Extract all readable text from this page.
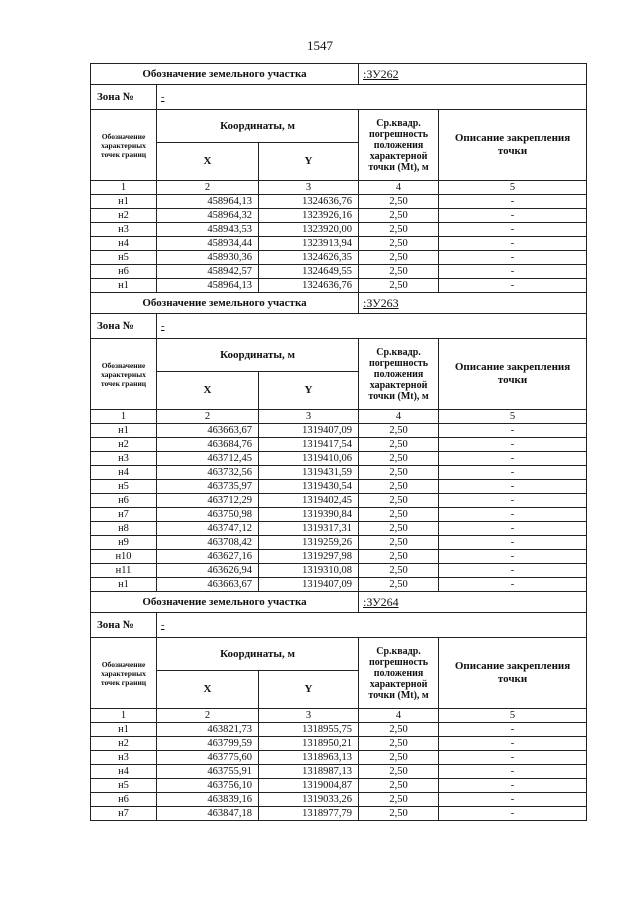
1547
Обозначение земельного участка			:ЗУ262	
Зона №	-			
Обозначение характерных точек границ	Координаты, м		Ср.квадр. погрешность положения характерной точки (Mt), м	Описание закрепления точки
	X	Y		
1	2	3	4	5
н1	458964,13	1324636,76	2,50	-
н2	458964,32	1323926,16	2,50	-
н3	458943,53	1323920,00	2,50	-
н4	458934,44	1323913,94	2,50	-
н5	458930,36	1324626,35	2,50	-
н6	458942,57	1324649,55	2,50	-
н1	458964,13	1324636,76	2,50	-
Обозначение земельного участка			:ЗУ263	
Зона №	-			
Обозначение характерных точек границ	Координаты, м		Ср.квадр. погрешность положения характерной точки (Mt), м	Описание закрепления точки
	X	Y		
1	2	3	4	5
н1	463663,67	1319407,09	2,50	-
н2	463684,76	1319417,54	2,50	-
н3	463712,45	1319410,06	2,50	-
н4	463732,56	1319431,59	2,50	-
н5	463735,97	1319430,54	2,50	-
н6	463712,29	1319402,45	2,50	-
н7	463750,98	1319390,84	2,50	-
н8	463747,12	1319317,31	2,50	-
н9	463708,42	1319259,26	2,50	-
н10	463627,16	1319297,98	2,50	-
н11	463626,94	1319310,08	2,50	-
н1	463663,67	1319407,09	2,50	-
Обозначение земельного участка			:ЗУ264	
Зона №	-			
Обозначение характерных точек границ	Координаты, м		Ср.квадр. погрешность положения характерной точки (Mt), м	Описание закрепления точки
	X	Y		
1	2	3	4	5
н1	463821,73	1318955,75	2,50	-
н2	463799,59	1318950,21	2,50	-
н3	463775,60	1318963,13	2,50	-
н4	463755,91	1318987,13	2,50	-
н5	463756,10	1319004,87	2,50	-
н6	463839,16	1319033,26	2,50	-
н7	463847,18	1318977,79	2,50	-
